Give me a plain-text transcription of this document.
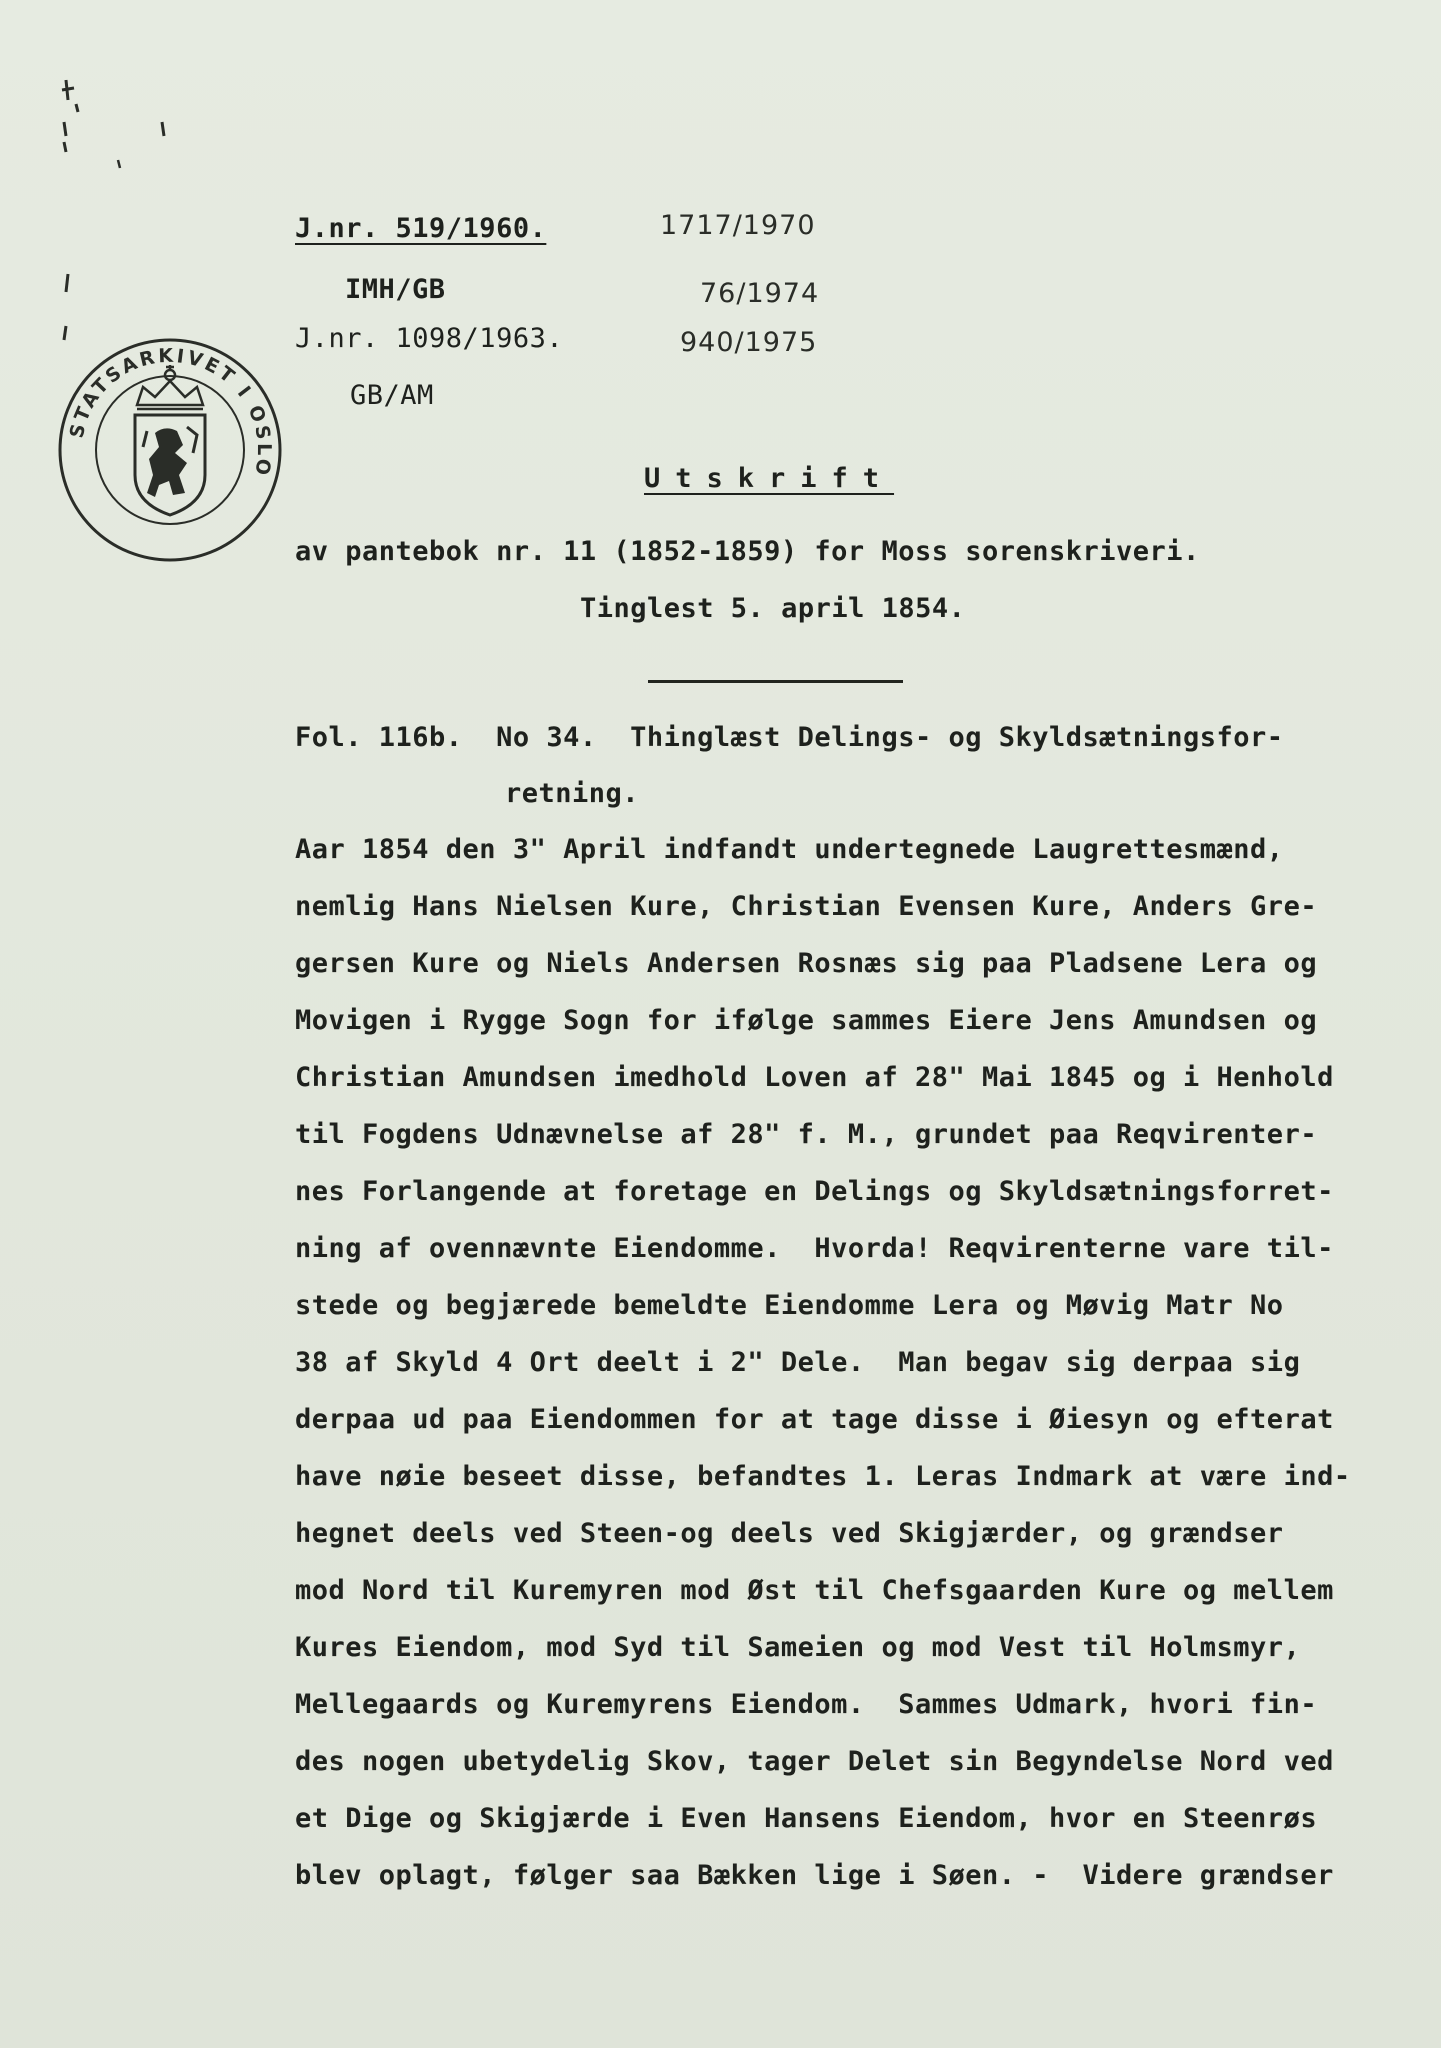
J.nr. 519/1960.	1717/1970
IMH/GB	76/1974
J.nr. 1098/1963.	940/1975
GB/AM
STATSARKIVET I OSLO	Utskrift
av pantebok nr. 11 (1852-1859) for Moss sorenskriveri.
Tinglest 5. april 1854.
Fol. 116b.  No 34.  Thinglæst Delings- og Skyldsætningsfor-
retning.
Aar 1854 den 3" April indfandt undertegnede Laugrettesmænd,
nemlig Hans Nielsen Kure, Christian Evensen Kure, Anders Gre-
gersen Kure og Niels Andersen Rosnæs sig paa Pladsene Lera og
Movigen i Rygge Sogn for ifølge sammes Eiere Jens Amundsen og
Christian Amundsen imedhold Loven af 28" Mai 1845 og i Henhold
til Fogdens Udnævnelse af 28" f. M., grundet paa Reqvirenter-
nes Forlangende at foretage en Delings og Skyldsætningsforret-
ning af ovennævnte Eiendomme.  Hvorda! Reqvirenterne vare til-
stede og begjærede bemeldte Eiendomme Lera og Møvig Matr No
38 af Skyld 4 Ort deelt i 2" Dele.  Man begav sig derpaa sig
derpaa ud paa Eiendommen for at tage disse i Øiesyn og efterat
have nøie beseet disse, befandtes 1. Leras Indmark at være ind-
hegnet deels ved Steen-og deels ved Skigjærder, og grændser
mod Nord til Kuremyren mod Øst til Chefsgaarden Kure og mellem
Kures Eiendom, mod Syd til Sameien og mod Vest til Holmsmyr,
Mellegaards og Kuremyrens Eiendom.  Sammes Udmark, hvori fin-
des nogen ubetydelig Skov, tager Delet sin Begyndelse Nord ved
et Dige og Skigjærde i Even Hansens Eiendom, hvor en Steenrøs
blev oplagt, følger saa Bækken lige i Søen. -  Videre grændser
